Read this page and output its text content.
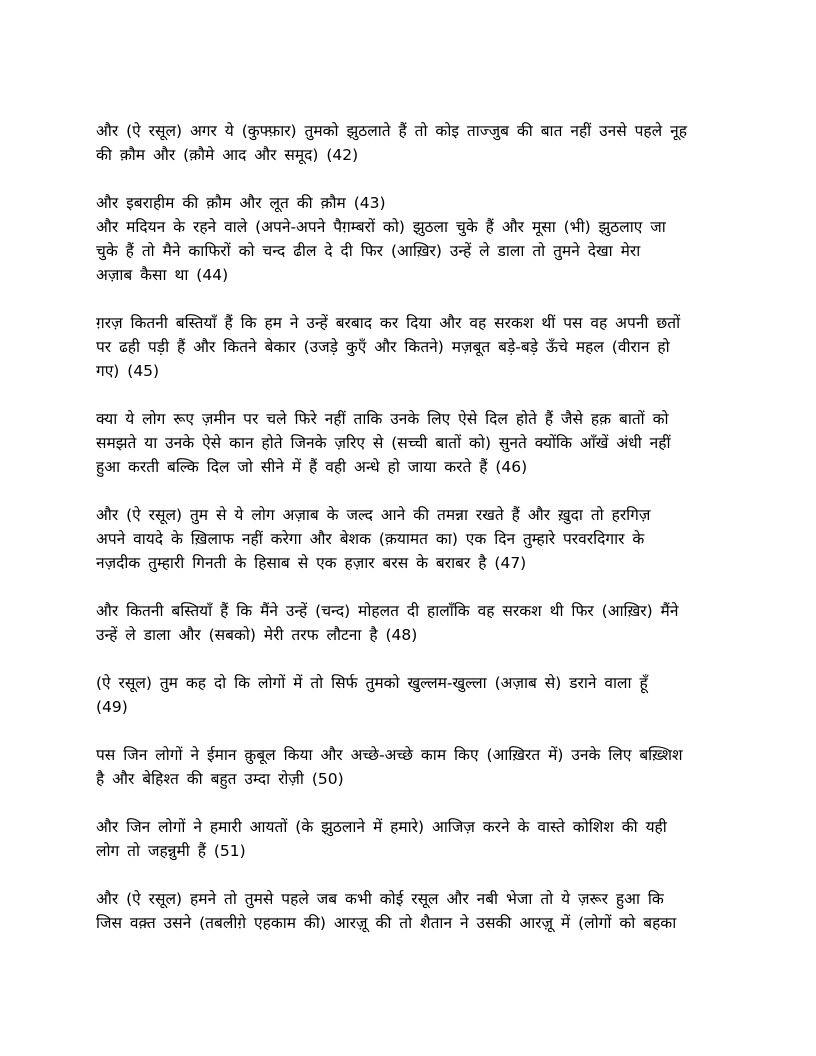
और (ऐ रसूल) अगर ये (कुफ्फ़ार) तुमको झुठलाते हैं तो कोइ ताज्जुब की बात नहीं उनसे पहले नूह
की क़ौम और (क़ौमे आद और समूद) (42)

और इबराहीम की क़ौम और लूत की क़ौम (43)
और मदियन के रहने वाले (अपने-अपने पैग़म्बरों को) झुठला चुके हैं और मूसा (भी) झुठलाए जा
चुके हैं तो मैने काफिरों को चन्द ढील दे दी फिर (आख़िर) उन्हें ले डाला तो तुमने देखा मेरा
अज़ाब कैसा था (44)

ग़रज़ कितनी बस्तियाँ हैं कि हम ने उन्हें बरबाद कर दिया और वह सरकश थीं पस वह अपनी छतों
पर ढही पड़ी हैं और कितने बेकार (उजड़े कुएँ और कितने) मज़बूत बड़े-बड़े ऊँचे महल (वीरान हो
गए) (45)

क्या ये लोग रूए ज़मीन पर चले फिरे नहीं ताकि उनके लिए ऐसे दिल होते हैं जैसे हक़ बातों को
समझते या उनके ऐसे कान होते जिनके ज़रिए से (सच्ची बातों को) सुनते क्योंकि आँखें अंधी नहीं
हुआ करती बल्कि दिल जो सीने में हैं वही अन्धे हो जाया करते हैं (46)

और (ऐ रसूल) तुम से ये लोग अज़ाब के जल्द आने की तमन्ना रखते हैं और ख़ुदा तो हरगिज़
अपने वायदे के ख़िलाफ नहीं करेगा और बेशक (क़यामत का) एक दिन तुम्हारे परवरदिगार के
नज़दीक तुम्हारी गिनती के हिसाब से एक हज़ार बरस के बराबर है (47)

और कितनी बस्तियाँ हैं कि मैंने उन्हें (चन्द) मोहलत दी हालाँकि वह सरकश थी फिर (आख़िर) मैंने
उन्हें ले डाला और (सबको) मेरी तरफ लौटना है (48)

(ऐ रसूल) तुम कह दो कि लोगों में तो सिर्फ तुमको खुल्लम-खुल्ला (अज़ाब से) डराने वाला हूँ
(49)

पस जिन लोगों ने ईमान क़ुबूल किया और अच्छे-अच्छे काम किए (आख़िरत में) उनके लिए बख़्शिश
है और बेहिश्त की बहुत उम्दा रोज़ी (50)

और जिन लोगों ने हमारी आयतों (के झुठलाने में हमारे) आजिज़ करने के वास्ते कोशिश की यही
लोग तो जहन्नुमी हैं (51)

और (ऐ रसूल) हमने तो तुमसे पहले जब कभी कोई रसूल और नबी भेजा तो ये ज़रूर हुआ कि
जिस वक़्त उसने (तबलीग़े एहकाम की) आरज़ू की तो शैतान ने उसकी आरज़ू में (लोगों को बहका
